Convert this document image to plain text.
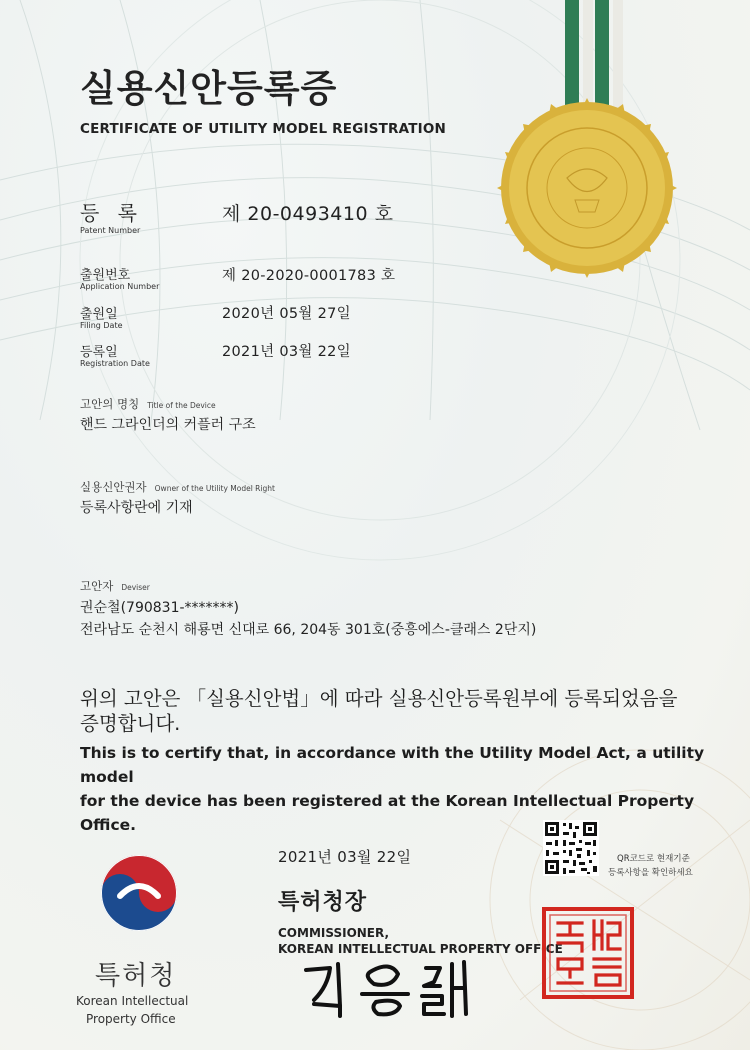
실용신안등록증
CERTIFICATE OF UTILITY MODEL REGISTRATION
등 록
Patent Number
제 20-0493410 호
출원번호
Application Number
제 20-2020-0001783 호
출원일
Filing Date
2020년 05월 27일
등록일
Registration Date
2021년 03월 22일
고안의 명칭 Title of the Device
핸드 그라인더의 커플러 구조
실용신안권자 Owner of the Utility Model Right
등록사항란에 기재
고안자 Deviser
권순철(790831-*******)
전라남도 순천시 해룡면 신대로 66, 204동 301호(중흥에스-클래스 2단지)
위의 고안은 「실용신안법」에 따라 실용신안등록원부에 등록되었음을
증명합니다.
This is to certify that, in accordance with the Utility Model Act, a utility model
for the device has been registered at the Korean Intellectual Property Office.
특허청
Korean Intellectual
Property Office
2021년 03월 22일
특허청장
COMMISSIONER,
KOREAN INTELLECTUAL PROPERTY OFFICE
QR코드로 현재기준
등록사항을 확인하세요
